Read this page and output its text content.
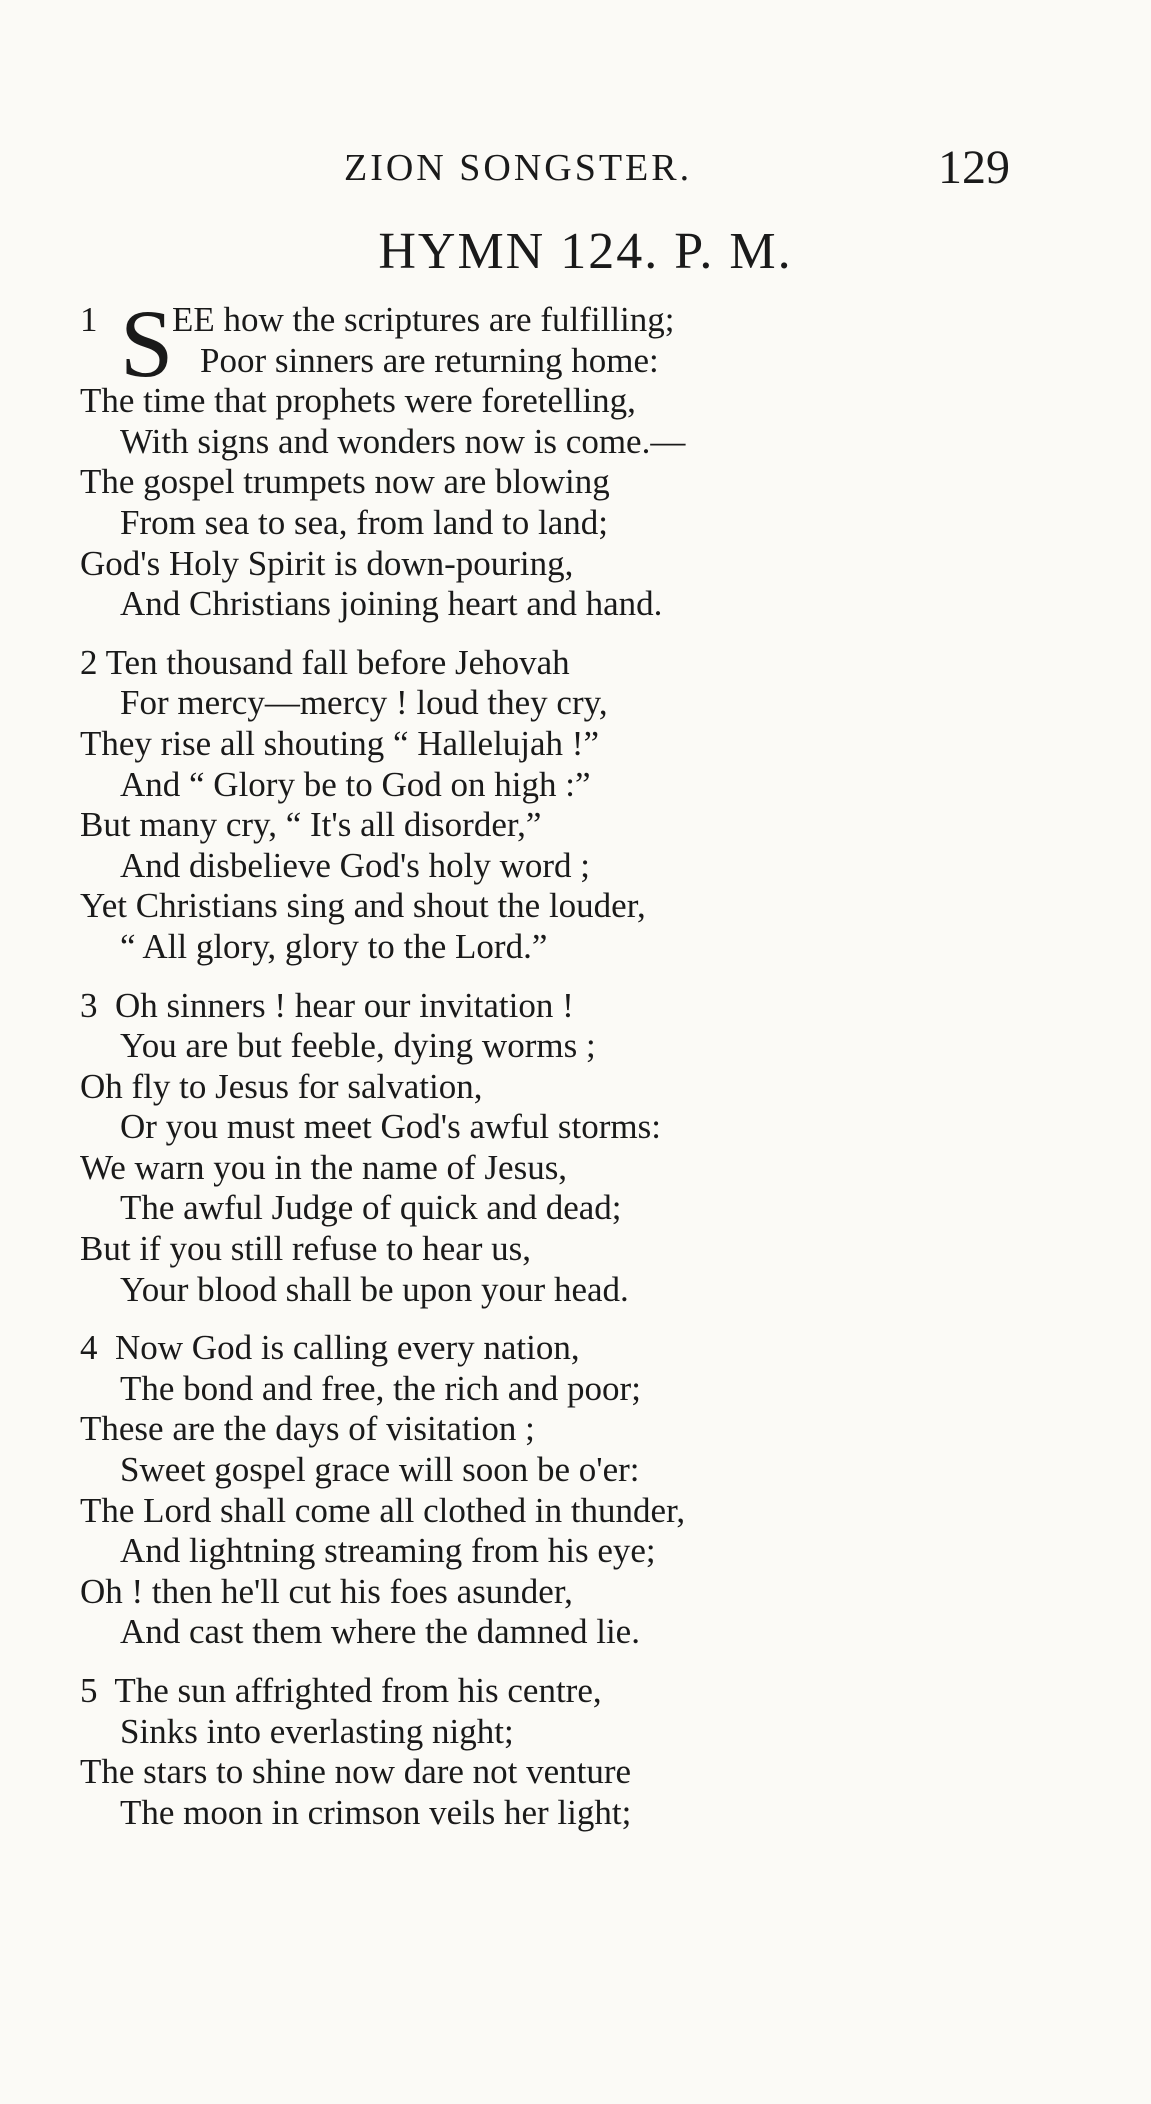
ZION SONGSTER.	129
HYMN 124. P. M.
S
1 EE how the scriptures are fulfilling;
Poor sinners are returning home:
The time that prophets were foretelling,
With signs and wonders now is come.—
The gospel trumpets now are blowing
From sea to sea, from land to land;
God's Holy Spirit is down-pouring,
And Christians joining heart and hand.
2 Ten thousand fall before Jehovah
For mercy—mercy ! loud they cry,
They rise all shouting “ Hallelujah !”
And “ Glory be to God on high :”
But many cry, “ It's all disorder,”
And disbelieve God's holy word ;
Yet Christians sing and shout the louder,
“ All glory, glory to the Lord.”
3 Oh sinners ! hear our invitation !
You are but feeble, dying worms ;
Oh fly to Jesus for salvation,
Or you must meet God's awful storms:
We warn you in the name of Jesus,
The awful Judge of quick and dead;
But if you still refuse to hear us,
Your blood shall be upon your head.
4 Now God is calling every nation,
The bond and free, the rich and poor;
These are the days of visitation ;
Sweet gospel grace will soon be o'er:
The Lord shall come all clothed in thunder,
And lightning streaming from his eye;
Oh ! then he'll cut his foes asunder,
And cast them where the damned lie.
5 The sun affrighted from his centre,
Sinks into everlasting night;
The stars to shine now dare not venture
The moon in crimson veils her light;
